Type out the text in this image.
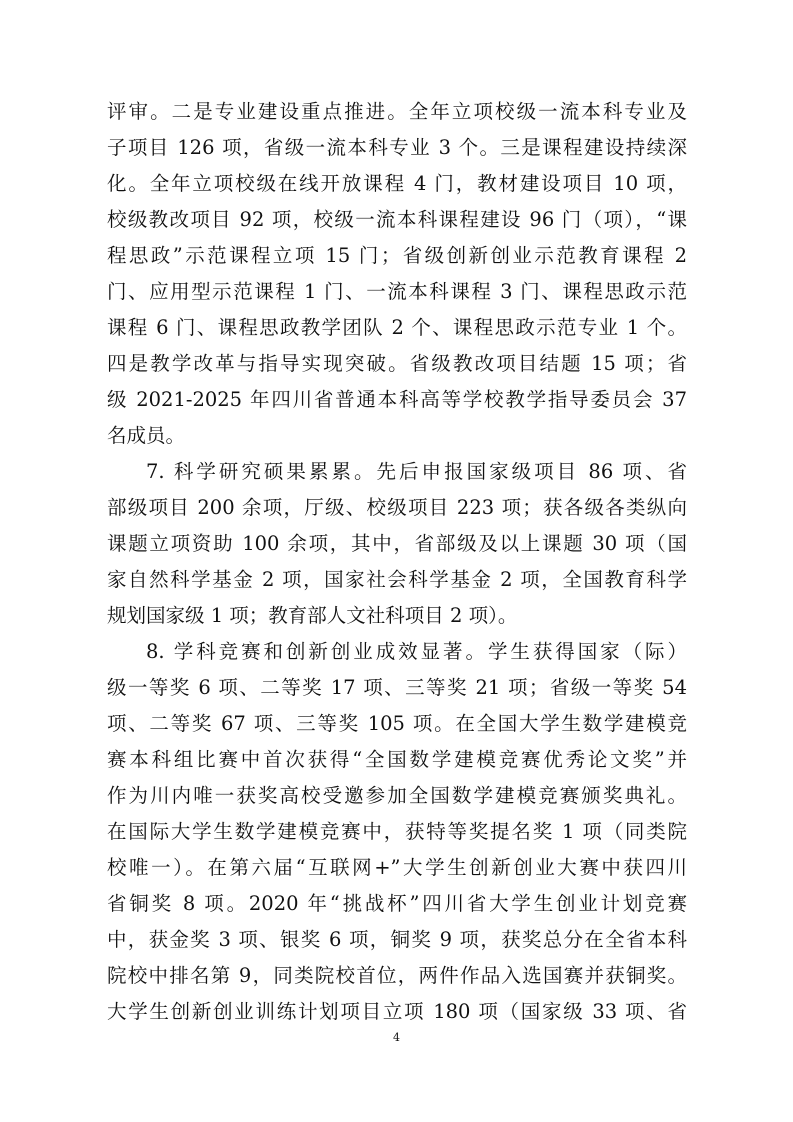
评审。二是专业建设重点推进。全年立项校级一流本科专业及
子项目 126 项，省级一流本科专业 3 个。三是课程建设持续深
化。全年立项校级在线开放课程 4 门，教材建设项目 10 项，
校级教改项目 92 项，校级一流本科课程建设 96 门（项），“课
程思政”示范课程立项 15 门；省级创新创业示范教育课程 2
门、应用型示范课程 1 门、一流本科课程 3 门、课程思政示范
课程 6 门、课程思政教学团队 2 个、课程思政示范专业 1 个。
四是教学改革与指导实现突破。省级教改项目结题 15 项；省
级 2021-2025 年四川省普通本科高等学校教学指导委员会 37
名成员。
7. 科学研究硕果累累。先后申报国家级项目 86 项、省
部级项目 200 余项，厅级、校级项目 223 项；获各级各类纵向
课题立项资助 100 余项，其中，省部级及以上课题 30 项（国
家自然科学基金 2 项，国家社会科学基金 2 项，全国教育科学
规划国家级 1 项；教育部人文社科项目 2 项）。
8. 学科竞赛和创新创业成效显著。学生获得国家（际）
级一等奖 6 项、二等奖 17 项、三等奖 21 项；省级一等奖 54
项、二等奖 67 项、三等奖 105 项。在全国大学生数学建模竞
赛本科组比赛中首次获得“全国数学建模竞赛优秀论文奖”并
作为川内唯一获奖高校受邀参加全国数学建模竞赛颁奖典礼。
在国际大学生数学建模竞赛中，获特等奖提名奖 1 项（同类院
校唯一）。在第六届“互联网+”大学生创新创业大赛中获四川
省铜奖 8 项。2020 年“挑战杯”四川省大学生创业计划竞赛
中，获金奖 3 项、银奖 6 项，铜奖 9 项，获奖总分在全省本科
院校中排名第 9，同类院校首位，两件作品入选国赛并获铜奖。
大学生创新创业训练计划项目立项 180 项（国家级 33 项、省
4
